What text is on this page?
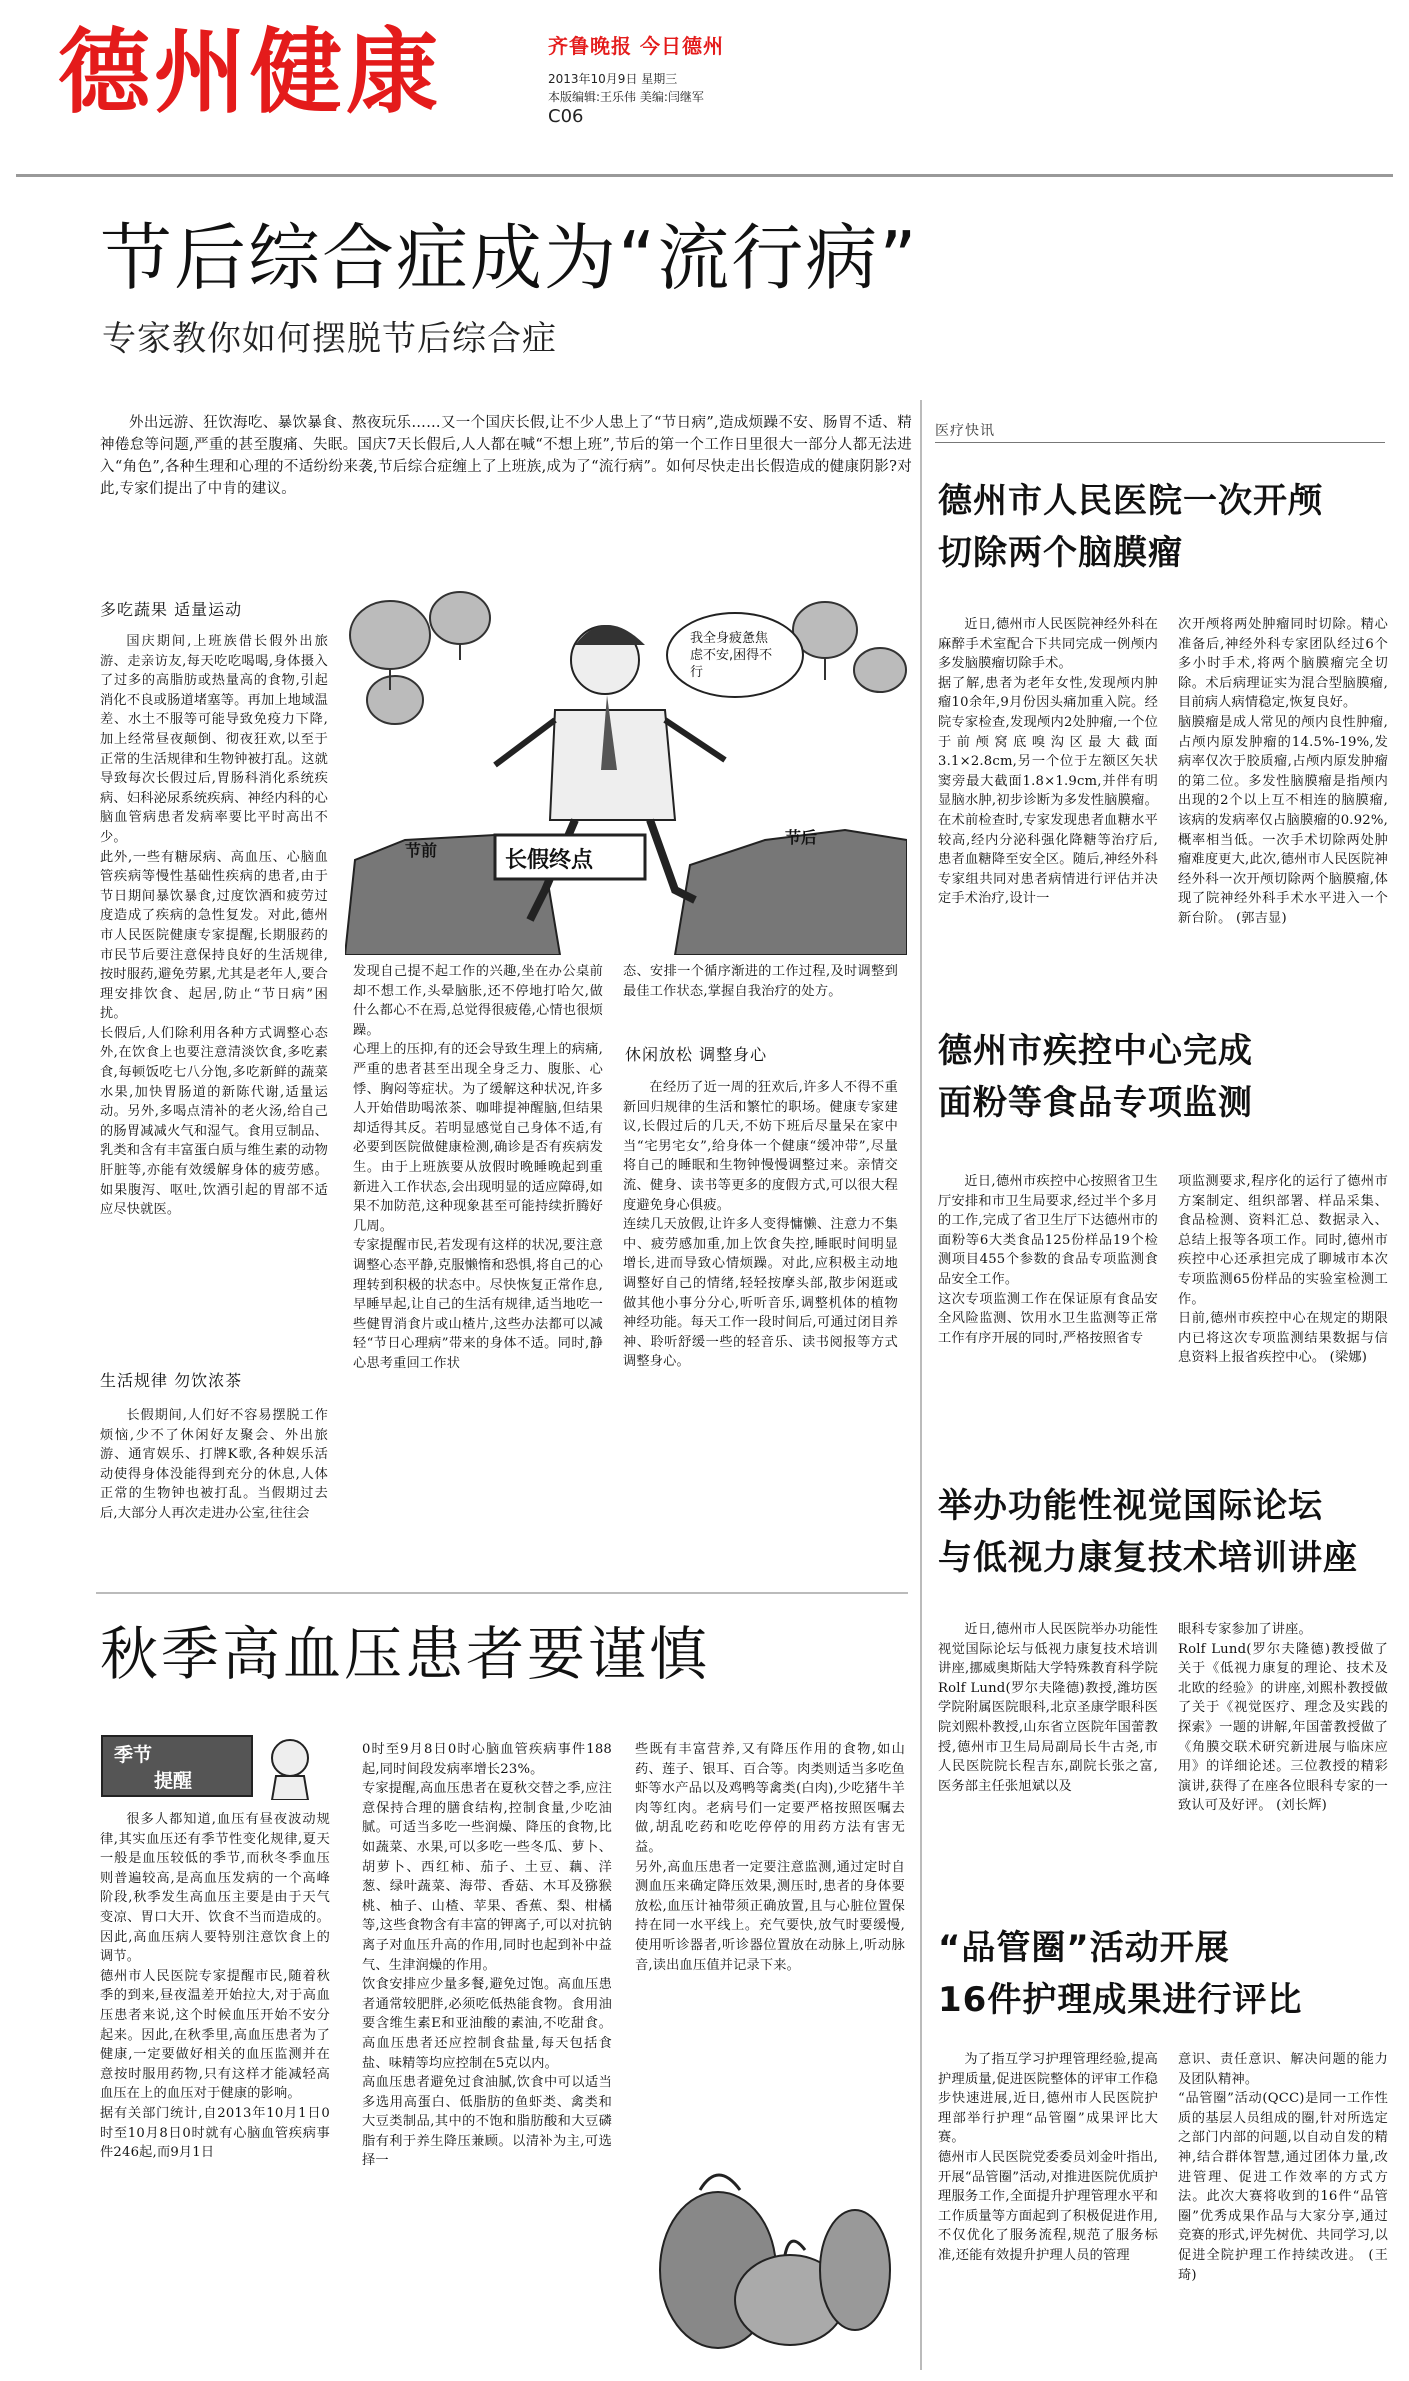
德州健康	齐鲁晚报 今日德州
2013年10月9日 星期三
本版编辑:王乐伟 美编:闫继军
C06
节后综合症成为“流行病”
专家教你如何摆脱节后综合症
外出远游、狂饮海吃、暴饮暴食、熬夜玩乐……又一个国庆长假,让不少人患上了“节日病”,造成烦躁不安、肠胃不适、精神倦怠等问题,严重的甚至腹痛、失眠。国庆7天长假后,人人都在喊“不想上班”,节后的第一个工作日里很大一部分人都无法进入“角色”,各种生理和心理的不适纷纷来袭,节后综合症缠上了上班族,成为了“流行病”。如何尽快走出长假造成的健康阴影?对此,专家们提出了中肯的建议。
多吃蔬果 适量运动
国庆期间,上班族借长假外出旅游、走亲访友,每天吃吃喝喝,身体摄入了过多的高脂肪或热量高的食物,引起消化不良或肠道堵塞等。再加上地域温差、水土不服等可能导致免疫力下降,加上经常昼夜颠倒、彻夜狂欢,以至于正常的生活规律和生物钟被打乱。这就导致每次长假过后,胃肠科消化系统疾病、妇科泌尿系统疾病、神经内科的心脑血管病患者发病率要比平时高出不少。
此外,一些有糖尿病、高血压、心脑血管疾病等慢性基础性疾病的患者,由于节日期间暴饮暴食,过度饮酒和疲劳过度造成了疾病的急性复发。对此,德州市人民医院健康专家提醒,长期服药的市民节后要注意保持良好的生活规律,按时服药,避免劳累,尤其是老年人,要合理安排饮食、起居,防止“节日病”困扰。
长假后,人们除利用各种方式调整心态外,在饮食上也要注意清淡饮食,多吃素食,每顿饭吃七八分饱,多吃新鲜的蔬菜水果,加快胃肠道的新陈代谢,适量运动。另外,多喝点清补的老火汤,给自己的肠胃减减火气和湿气。食用豆制品、乳类和含有丰富蛋白质与维生素的动物肝脏等,亦能有效缓解身体的疲劳感。如果腹泻、呕吐,饮酒引起的胃部不适应尽快就医。
生活规律 勿饮浓茶
长假期间,人们好不容易摆脱工作烦恼,少不了休闲好友聚会、外出旅游、通宵娱乐、打牌K歌,各种娱乐活动使得身体没能得到充分的休息,人体正常的生物钟也被打乱。当假期过去后,大部分人再次走进办公室,往往会
我全身疲惫焦虑不安,困得不行
节前	长假终点
节后
发现自己提不起工作的兴趣,坐在办公桌前却不想工作,头晕脑胀,还不停地打哈欠,做什么都心不在焉,总觉得很疲倦,心情也很烦躁。
心理上的压抑,有的还会导致生理上的病痛,严重的患者甚至出现全身乏力、腹胀、心悸、胸闷等症状。为了缓解这种状况,许多人开始借助喝浓茶、咖啡提神醒脑,但结果却适得其反。若明显感觉自己身体不适,有必要到医院做健康检测,确诊是否有疾病发生。由于上班族要从放假时晚睡晚起到重新进入工作状态,会出现明显的适应障碍,如果不加防范,这种现象甚至可能持续折腾好几周。
专家提醒市民,若发现有这样的状况,要注意调整心态平静,克服懒惰和恐惧,将自己的心理转到积极的状态中。尽快恢复正常作息,早睡早起,让自己的生活有规律,适当地吃一些健胃消食片或山楂片,这些办法都可以减轻“节日心理病”带来的身体不适。同时,静心思考重回工作状
态、安排一个循序渐进的工作过程,及时调整到最佳工作状态,掌握自我治疗的处方。
休闲放松 调整身心
在经历了近一周的狂欢后,许多人不得不重新回归规律的生活和繁忙的职场。健康专家建议,长假过后的几天,不妨下班后尽量呆在家中当“宅男宅女”,给身体一个健康“缓冲带”,尽量将自己的睡眠和生物钟慢慢调整过来。亲情交流、健身、读书等更多的度假方式,可以很大程度避免身心俱疲。
连续几天放假,让许多人变得慵懒、注意力不集中、疲劳感加重,加上饮食失控,睡眠时间明显增长,进而导致心情烦躁。对此,应积极主动地调整好自己的情绪,轻轻按摩头部,散步闲逛或做其他小事分分心,听听音乐,调整机体的植物神经功能。每天工作一段时间后,可通过闭目养神、聆听舒缓一些的轻音乐、读书阅报等方式调整身心。
秋季高血压患者要谨慎
季节
提醒
很多人都知道,血压有昼夜波动规律,其实血压还有季节性变化规律,夏天一般是血压较低的季节,而秋冬季血压则普遍较高,是高血压发病的一个高峰阶段,秋季发生高血压主要是由于天气变凉、胃口大开、饮食不当而造成的。因此,高血压病人要特别注意饮食上的调节。
德州市人民医院专家提醒市民,随着秋季的到来,昼夜温差开始拉大,对于高血压患者来说,这个时候血压开始不安分起来。因此,在秋季里,高血压患者为了健康,一定要做好相关的血压监测并在意按时服用药物,只有这样才能减轻高血压在上的血压对于健康的影响。
据有关部门统计,自2013年10月1日0时至10月8日0时就有心脑血管疾病事件246起,而9月1日
0时至9月8日0时心脑血管疾病事件188起,同时间段发病率增长23%。
专家提醒,高血压患者在夏秋交替之季,应注意保持合理的膳食结构,控制食量,少吃油腻。可适当多吃一些润燥、降压的食物,比如蔬菜、水果,可以多吃一些冬瓜、萝卜、胡萝卜、西红柿、茄子、土豆、藕、洋葱、绿叶蔬菜、海带、香菇、木耳及猕猴桃、柚子、山楂、苹果、香蕉、梨、柑橘等,这些食物含有丰富的钾离子,可以对抗钠离子对血压升高的作用,同时也起到补中益气、生津润燥的作用。
饮食安排应少量多餐,避免过饱。高血压患者通常较肥胖,必须吃低热能食物。食用油要含维生素E和亚油酸的素油,不吃甜食。高血压患者还应控制食盐量,每天包括食盐、味精等均应控制在5克以内。
高血压患者避免过食油腻,饮食中可以适当多选用高蛋白、低脂肪的鱼虾类、禽类和大豆类制品,其中的不饱和脂肪酸和大豆磷脂有利于养生降压兼顾。以清补为主,可选择一
些既有丰富营养,又有降压作用的食物,如山药、莲子、银耳、百合等。肉类则适当多吃鱼虾等水产品以及鸡鸭等禽类(白肉),少吃猪牛羊肉等红肉。老病号们一定要严格按照医嘱去做,胡乱吃药和吃吃停停的用药方法有害无益。
另外,高血压患者一定要注意监测,通过定时自测血压来确定降压效果,测压时,患者的身体要放松,血压计袖带须正确放置,且与心脏位置保持在同一水平线上。充气要快,放气时要缓慢,使用听诊器者,听诊器位置放在动脉上,听动脉音,读出血压值并记录下来。
医疗快讯
德州市人民医院一次开颅
切除两个脑膜瘤
近日,德州市人民医院神经外科在麻醉手术室配合下共同完成一例颅内多发脑膜瘤切除手术。
据了解,患者为老年女性,发现颅内肿瘤10余年,9月份因头痛加重入院。经院专家检查,发现颅内2处肿瘤,一个位于前颅窝底嗅沟区最大截面3.1×2.8cm,另一个位于左额区矢状窦旁最大截面1.8×1.9cm,并伴有明显脑水肿,初步诊断为多发性脑膜瘤。在术前检查时,专家发现患者血糖水平较高,经内分泌科强化降糖等治疗后,患者血糖降至安全区。随后,神经外科专家组共同对患者病情进行评估并决定手术治疗,设计一
次开颅将两处肿瘤同时切除。精心准备后,神经外科专家团队经过6个多小时手术,将两个脑膜瘤完全切除。术后病理证实为混合型脑膜瘤,目前病人病情稳定,恢复良好。
脑膜瘤是成人常见的颅内良性肿瘤,占颅内原发肿瘤的14.5%-19%,发病率仅次于胶质瘤,占颅内原发肿瘤的第二位。多发性脑膜瘤是指颅内出现的2个以上互不相连的脑膜瘤,该病的发病率仅占脑膜瘤的0.92%,概率相当低。一次手术切除两处肿瘤难度更大,此次,德州市人民医院神经外科一次开颅切除两个脑膜瘤,体现了院神经外科手术水平进入一个新台阶。 (郭吉显)
德州市疾控中心完成
面粉等食品专项监测
近日,德州市疾控中心按照省卫生厅安排和市卫生局要求,经过半个多月的工作,完成了省卫生厅下达德州市的面粉等6大类食品125份样品19个检测项目455个参数的食品专项监测食品安全工作。
这次专项监测工作在保证原有食品安全风险监测、饮用水卫生监测等正常工作有序开展的同时,严格按照省专
项监测要求,程序化的运行了德州市方案制定、组织部署、样品采集、食品检测、资料汇总、数据录入、总结上报等各项工作。同时,德州市疾控中心还承担完成了聊城市本次专项监测65份样品的实验室检测工作。
日前,德州市疾控中心在规定的期限内已将这次专项监测结果数据与信息资料上报省疾控中心。 (梁娜)
举办功能性视觉国际论坛
与低视力康复技术培训讲座
近日,德州市人民医院举办功能性视觉国际论坛与低视力康复技术培训讲座,挪威奥斯陆大学特殊教育科学院Rolf Lund(罗尔夫隆德)教授,潍坊医学院附属医院眼科,北京圣康学眼科医院刘熙朴教授,山东省立医院年国蕾教授,德州市卫生局局副局长牛古尧,市人民医院院长程吉东,副院长张之富,医务部主任张旭斌以及
眼科专家参加了讲座。
Rolf Lund(罗尔夫隆德)教授做了关于《低视力康复的理论、技术及北欧的经验》的讲座,刘熙朴教授做了关于《视觉医疗、理念及实践的探索》一题的讲解,年国蕾教授做了《角膜交联术研究新进展与临床应用》的详细论述。三位教授的精彩演讲,获得了在座各位眼科专家的一致认可及好评。 (刘长辉)
“品管圈”活动开展
16件护理成果进行评比
为了指互学习护理管理经验,提高护理质量,促进医院整体的评审工作稳步快速进展,近日,德州市人民医院护理部举行护理“品管圈”成果评比大赛。
德州市人民医院党委委员刘金叶指出,开展“品管圈”活动,对推进医院优质护理服务工作,全面提升护理管理水平和工作质量等方面起到了积极促进作用,不仅优化了服务流程,规范了服务标准,还能有效提升护理人员的管理
意识、责任意识、解决问题的能力及团队精神。
“品管圈”活动(QCC)是同一工作性质的基层人员组成的圈,针对所选定之部门内部的问题,以自动自发的精神,结合群体智慧,通过团体力量,改进管理、促进工作效率的方式方法。此次大赛将收到的16件“品管圈”优秀成果作品与大家分享,通过竞赛的形式,评先树优、共同学习,以促进全院护理工作持续改进。 (王琦)
